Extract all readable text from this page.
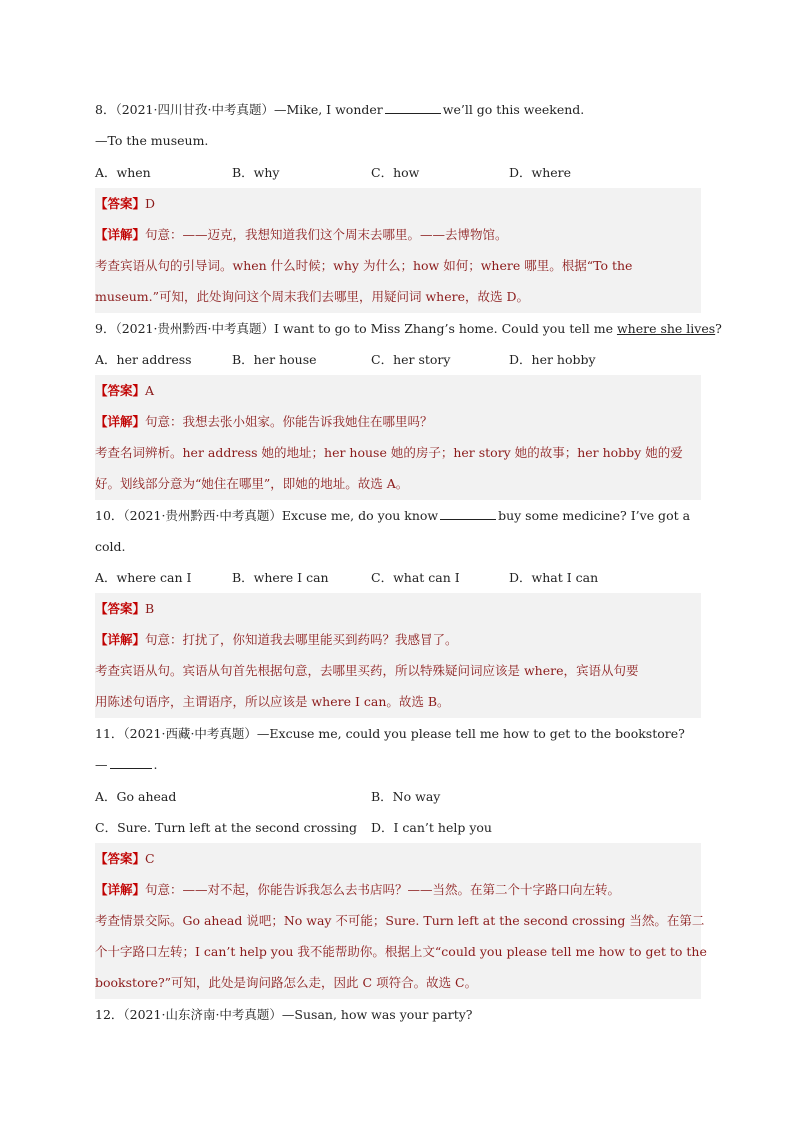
8．（2021·四川甘孜·中考真题）—Mike, I wonder	we’ll go this weekend.
—To the museum.
A．when	B．why	C．how	D．where
【答案】D
【详解】句意：——迈克，我想知道我们这个周末去哪里。——去博物馆。
考查宾语从句的引导词。when 什么时候；why 为什么；how 如何；where 哪里。根据“To the
museum.”可知，此处询问这个周末我们去哪里，用疑问词 where，故选 D。
9．（2021·贵州黔西·中考真题）I want to go to Miss Zhang’s home. Could you tell me where she lives?
A．her address	B．her house	C．her story	D．her hobby
【答案】A
【详解】句意：我想去张小姐家。你能告诉我她住在哪里吗？
考查名词辨析。her address 她的地址；her house 她的房子；her story 她的故事；her hobby 她的爱
好。划线部分意为“她住在哪里”，即她的地址。故选 A。
10．（2021·贵州黔西·中考真题）Excuse me, do you know	buy some medicine? I’ve got a
cold.
A．where can I	B．where I can	C．what can I	D．what I can
【答案】B
【详解】句意：打扰了，你知道我去哪里能买到药吗？我感冒了。
考查宾语从句。宾语从句首先根据句意，去哪里买药，所以特殊疑问词应该是 where，宾语从句要
用陈述句语序，主谓语序，所以应该是 where I can。故选 B。
11．（2021·西藏·中考真题）—Excuse me, could you please tell me how to get to the bookstore?
—	.
A．Go ahead	B．No way
C．Sure. Turn left at the second crossing D．I can’t help you
【答案】C
【详解】句意：——对不起，你能告诉我怎么去书店吗？——当然。在第二个十字路口向左转。
考查情景交际。Go ahead 说吧；No way 不可能；Sure. Turn left at the second crossing 当然。在第二
个十字路口左转；I can’t help you 我不能帮助你。根据上文“could you please tell me how to get to the
bookstore?”可知，此处是询问路怎么走，因此 C 项符合。故选 C。
12．（2021·山东济南·中考真题）—Susan, how was your party?
